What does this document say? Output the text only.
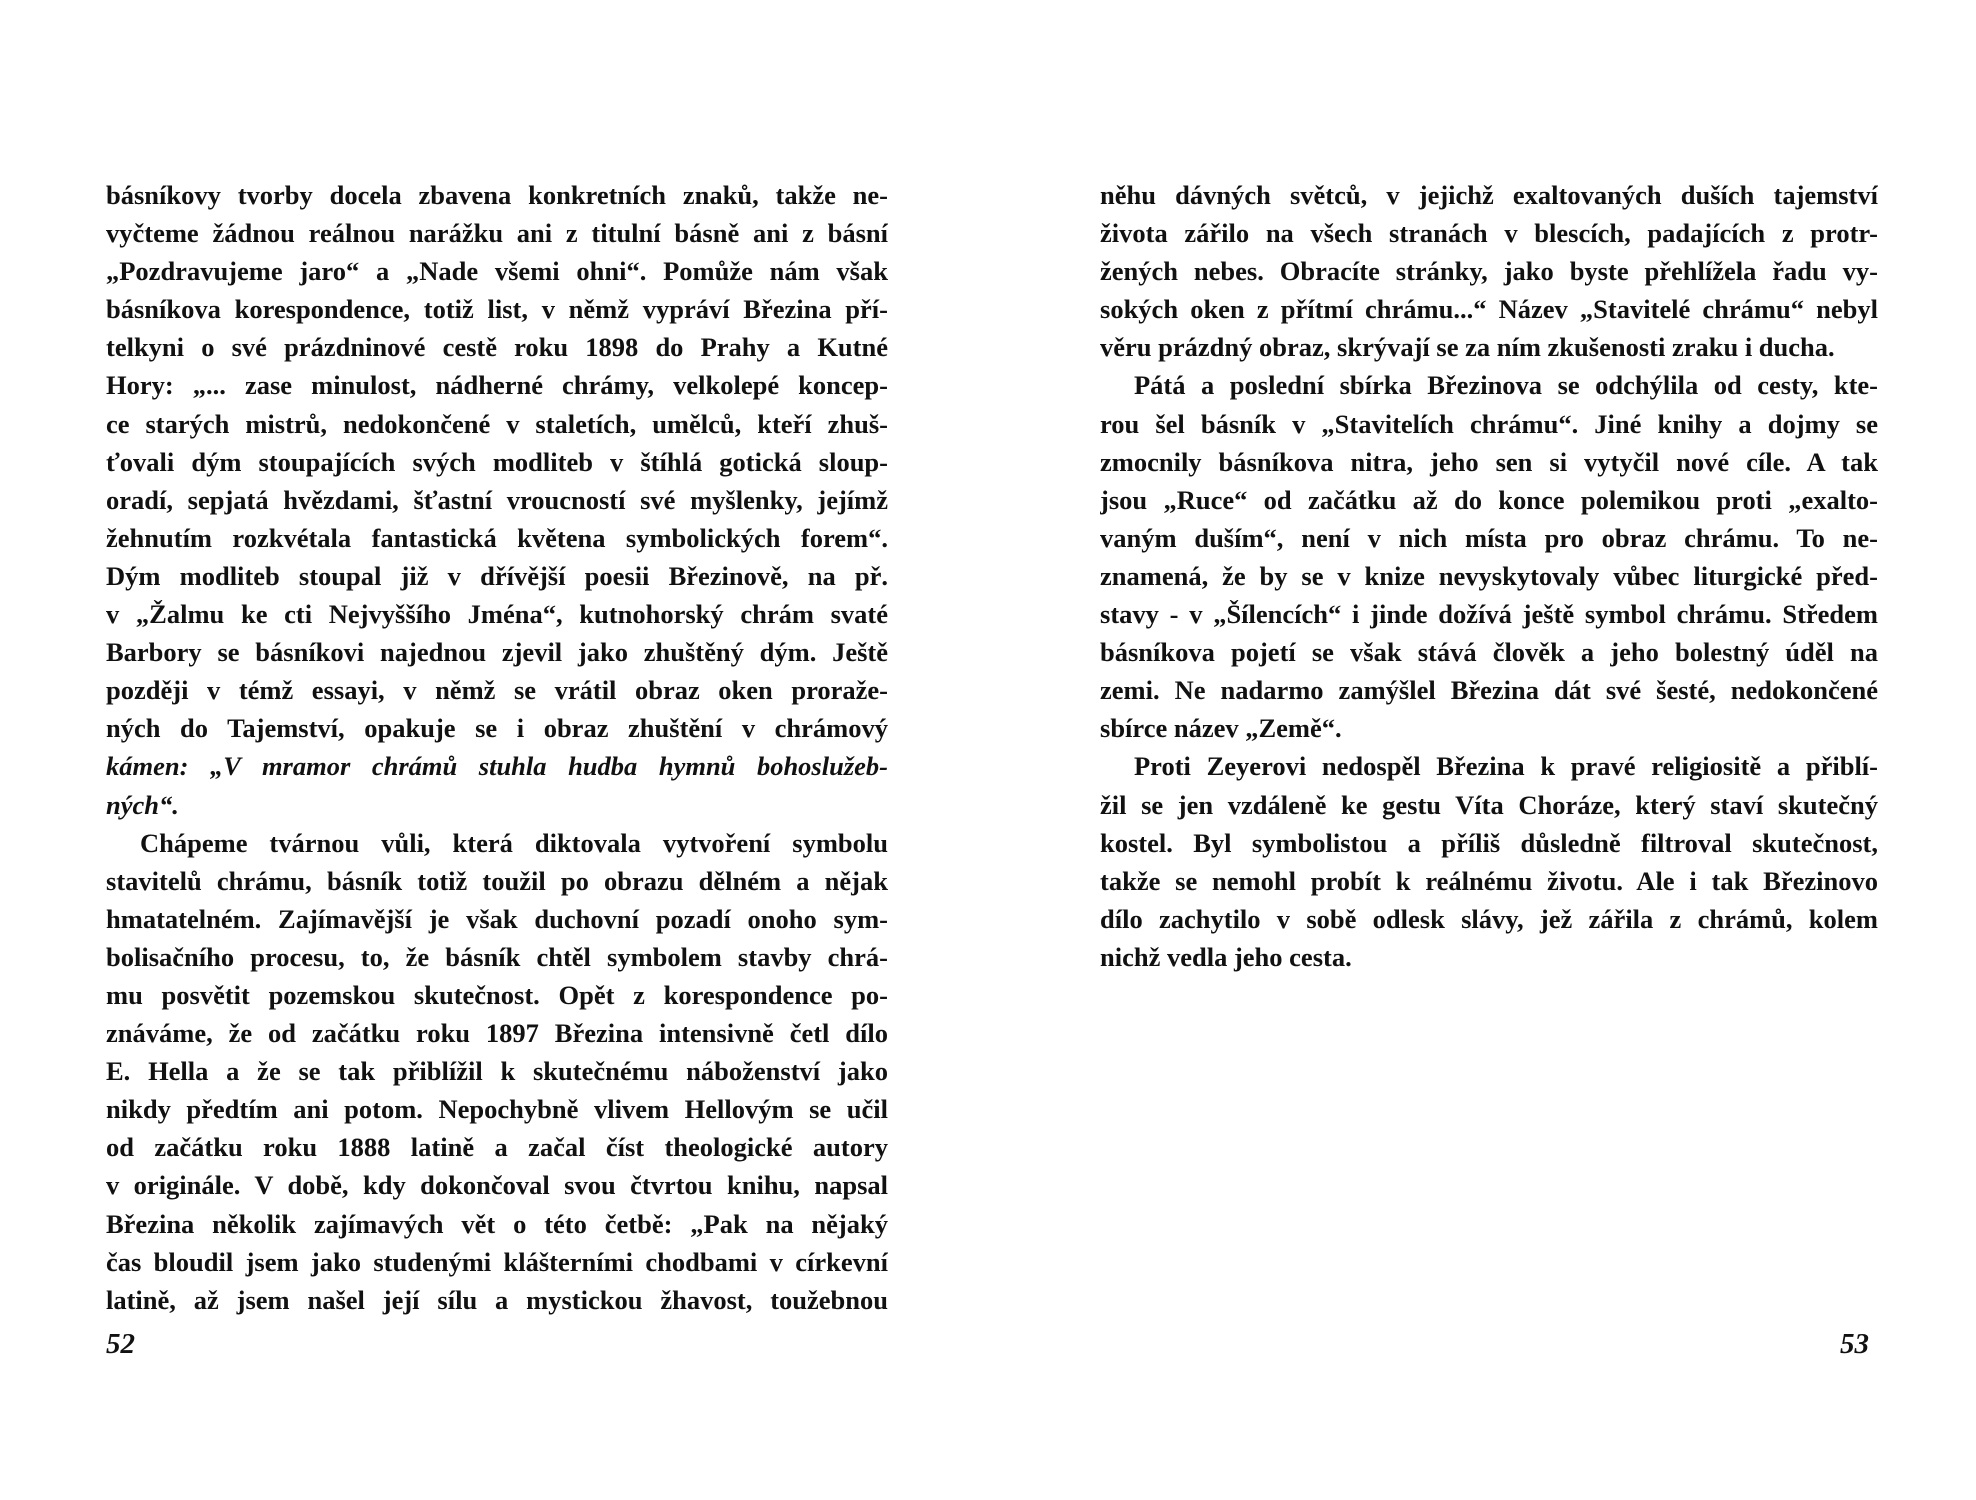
básníkovy tvorby docela zbavena konkretních znaků, takže ne-
vyčteme žádnou reálnou narážku ani z titulní básně ani z básní
„Pozdravujeme jaro“ a „Nade všemi ohni“. Pomůže nám však
básníkova korespondence, totiž list, v němž vypráví Březina pří-
telkyni o své prázdninové cestě roku 1898 do Prahy a Kutné
Hory: „... zase minulost, nádherné chrámy, velkolepé koncep-
ce starých mistrů, nedokončené v staletích, umělců, kteří zhuš-
ťovali dým stoupajících svých modliteb v štíhlá gotická sloup-
oradí, sepjatá hvězdami, šťastní vroucností své myšlenky, jejímž
žehnutím rozkvétala fantastická květena symbolických forem“.
Dým modliteb stoupal již v dřívější poesii Březinově, na př.
v „Žalmu ke cti Nejvyššího Jména“, kutnohorský chrám svaté
Barbory se básníkovi najednou zjevil jako zhuštěný dým. Ještě
později v témž essayi, v němž se vrátil obraz oken proraže-
ných do Tajemství, opakuje se i obraz zhuštění v chrámový
kámen: „V mramor chrámů stuhla hudba hymnů bohoslužeb-
ných“.
Chápeme tvárnou vůli, která diktovala vytvoření symbolu
stavitelů chrámu, básník totiž toužil po obrazu dělném a nějak
hmatatelném. Zajímavější je však duchovní pozadí onoho sym-
bolisačního procesu, to, že básník chtěl symbolem stavby chrá-
mu posvětit pozemskou skutečnost. Opět z korespondence po-
znáváme, že od začátku roku 1897 Březina intensivně četl dílo
E. Hella a že se tak přiblížil k skutečnému náboženství jako
nikdy předtím ani potom. Nepochybně vlivem Hellovým se učil
od začátku roku 1888 latině a začal číst theologické autory
v originále. V době, kdy dokončoval svou čtvrtou knihu, napsal
Březina několik zajímavých vět o této četbě: „Pak na nějaký
čas bloudil jsem jako studenými klášterními chodbami v církevní
latině, až jsem našel její sílu a mystickou žhavost, toužebnou
52
něhu dávných světců, v jejichž exaltovaných duších tajemství
života zářilo na všech stranách v blescích, padajících z protr-
žených nebes. Obracíte stránky, jako byste přehlížela řadu vy-
sokých oken z přítmí chrámu...“ Název „Stavitelé chrámu“ nebyl
věru prázdný obraz, skrývají se za ním zkušenosti zraku i ducha.
Pátá a poslední sbírka Březinova se odchýlila od cesty, kte-
rou šel básník v „Stavitelích chrámu“. Jiné knihy a dojmy se
zmocnily básníkova nitra, jeho sen si vytyčil nové cíle. A tak
jsou „Ruce“ od začátku až do konce polemikou proti „exalto-
vaným duším“, není v nich místa pro obraz chrámu. To ne-
znamená, že by se v knize nevyskytovaly vůbec liturgické před-
stavy - v „Šílencích“ i jinde dožívá ještě symbol chrámu. Středem
básníkova pojetí se však stává člověk a jeho bolestný úděl na
zemi. Ne nadarmo zamýšlel Březina dát své šesté, nedokončené
sbírce název „Země“.
Proti Zeyerovi nedospěl Březina k pravé religiositě a přiblí-
žil se jen vzdáleně ke gestu Víta Choráze, který staví skutečný
kostel. Byl symbolistou a příliš důsledně filtroval skutečnost,
takže se nemohl probít k reálnému životu. Ale i tak Březinovo
dílo zachytilo v sobě odlesk slávy, jež zářila z chrámů, kolem
nichž vedla jeho cesta.
53
